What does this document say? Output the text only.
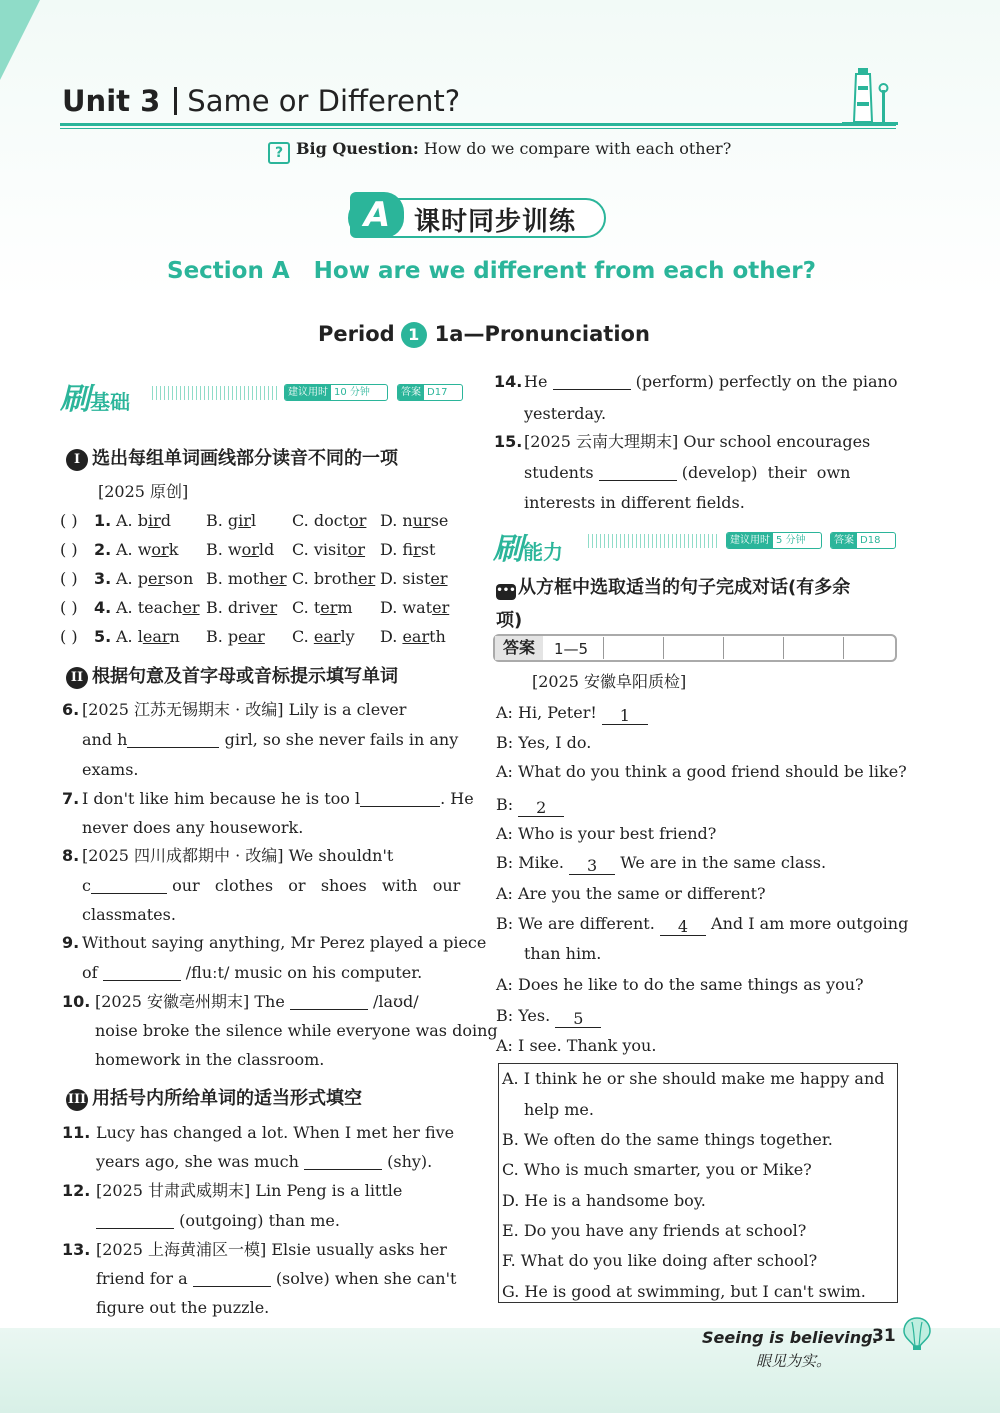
Unit 3 Same or Different?
? Big Question: How do we compare with each other?
A 课时同步训练
Section A   How are we different from each other?
Period 1 1a—Pronunciation
刷基础	建议用时 10 分钟	答案 D17
I 选出每组单词画线部分读音不同的一项
[2025 原创]
( ) 1. A. bird B. girl C. doctor D. nurse
( ) 2. A. work B. world C. visitor D. first
( ) 3. A. person B. mother C. brother D. sister
( ) 4. A. teacher B. driver C. term D. water
( ) 5. A. learn B. pear C. early D. earth
II 根据句意及首字母或音标提示填写单词
6. [2025 江苏无锡期末 · 改编] Lily is a clever
and h	girl, so she never fails in any
exams.
7. I don't like him because he is too l	. He
never does any housework.
8. [2025 四川成都期中 · 改编] We shouldn't
c	our   clothes   or   shoes   with   our
classmates.
9. Without saying anything, Mr Perez played a piece
of	/fluːt/ music on his computer.
10. [2025 安徽亳州期末] The	/laʊd/
noise broke the silence while everyone was doing
homework in the classroom.
III 用括号内所给单词的适当形式填空
11. Lucy has changed a lot. When I met her five
years ago, she was much	(shy).
12. [2025 甘肃武威期末] Lin Peng is a little
(outgoing) than me.
13. [2025 上海黄浦区一模] Elsie usually asks her
friend for a	(solve) when she can't
figure out the puzzle.
14. He	(perform) perfectly on the piano
yesterday.
15. [2025 云南大理期末] Our school encourages
students	(develop)  their  own
interests in different fields.
刷能力	建议用时 5 分钟	答案 D18
••• 从方框中选取适当的句子完成对话(有多余
项)
答案	1—5
[2025 安徽阜阳质检]
A: Hi, Peter! 1
B: Yes, I do.
A: What do you think a good friend should be like?
B: 2
A: Who is your best friend?
B: Mike. 3 We are in the same class.
A: Are you the same or different?
B: We are different. 4 And I am more outgoing
than him.
A: Does he like to do the same things as you?
B: Yes. 5
A: I see. Thank you.
A. I think he or she should make me happy and
help me.
B. We often do the same things together.
C. Who is much smarter, you or Mike?
D. He is a handsome boy.
E. Do you have any friends at school?
F. What do you like doing after school?
G. He is good at swimming, but I can't swim.
Seeing is believing.
眼见为实。
31
